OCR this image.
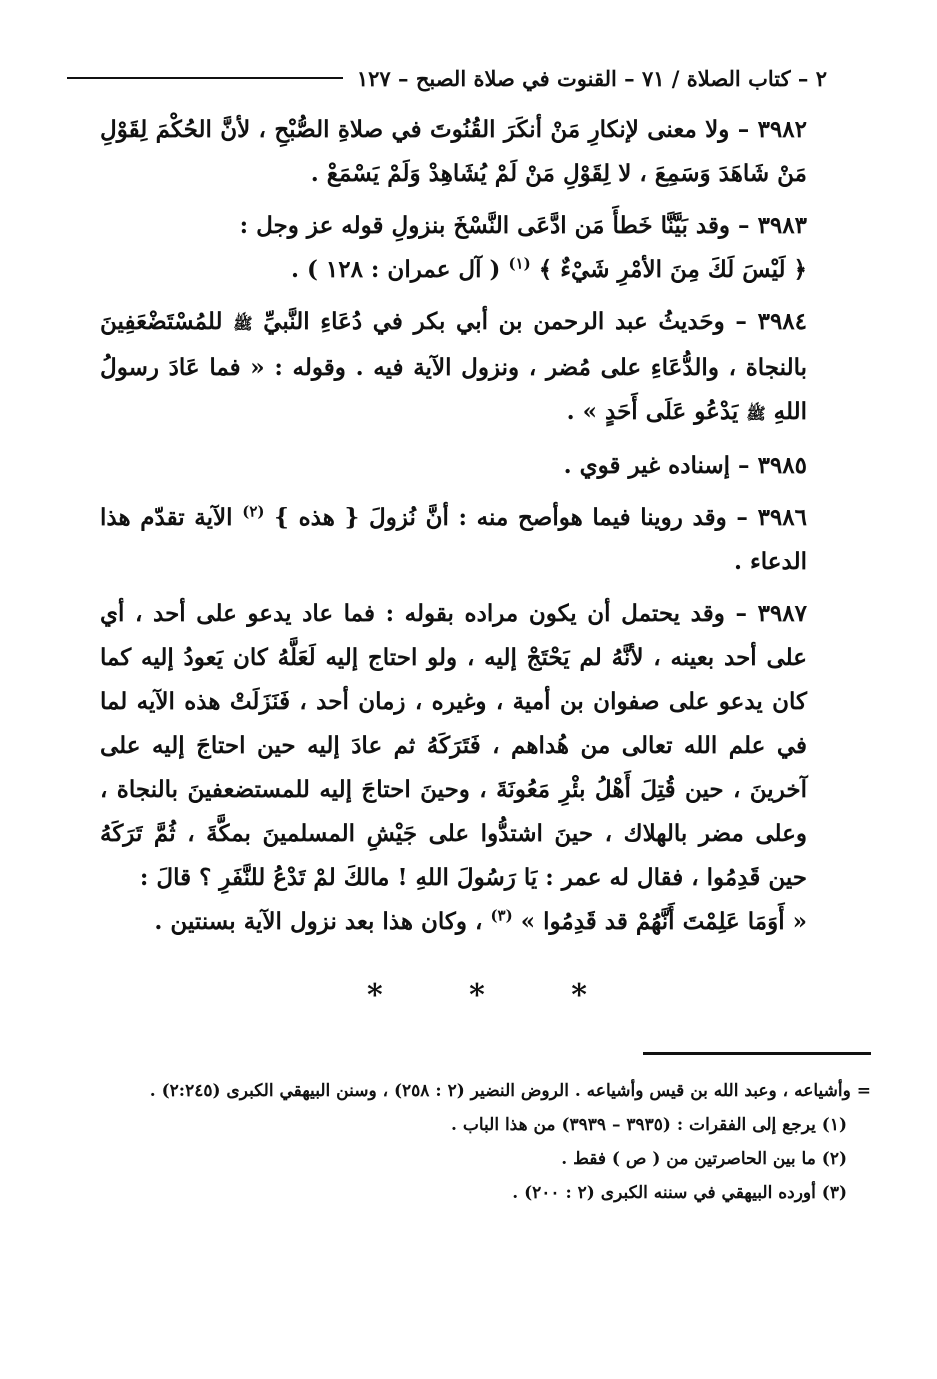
٢ – كتاب الصلاة / ٧١ – القنوت في صلاة الصبح – ١٢٧

٣٩٨٢ – ولا معنى لإنكارِ مَنْ أنكَرَ القُنُوتَ في صلاةِ الصُّبْحِ ، لأنَّ الحُكْمَ لِقَوْلِ مَنْ شَاهَدَ وَسَمِعَ ، لا لِقَوْلِ مَنْ لَمْ يُشَاهِدْ وَلَمْ يَسْمَعْ .

٣٩٨٣ – وقد بَيَّنَّا خَطأَ مَن ادَّعَى النَّسْخَ بنزولِ قوله عز وجل :
﴿ لَيْسَ لَكَ مِنَ الأمْرِ شَيْءٌ ﴾ $^{(١)}$ ( آل عمران : ١٢٨ ) .

٣٩٨٤ – وحَديثُ عبد الرحمن بن أبي بكر في دُعَاءِ النَّبيِّ ﷺ للمُسْتَضْعَفِينَ بالنجاة ، والدُّعَاءِ على مُضر ، ونزول الآية فيه . وقوله : « فما عَادَ رسولُ اللهِ ﷺ يَدْعُو عَلَى أَحَدٍ » .

٣٩٨٥ – إسناده غير قوي .

٣٩٨٦ – وقد روينا فيما هوأصح منه : أنَّ نُزولَ { هذه } $^{(٢)}$ الآية تقدّم هذا الدعاء .

٣٩٨٧ – وقد يحتمل أن يكون مراده بقوله : فما عاد يدعو على أحد ، أي على أحد بعينه ، لأنَّهُ لم يَحْتَجْ إليه ، ولو احتاج إليه لَعَلَّهُ كان يَعودُ إليه كما كان يدعو على صفوان بن أمية ، وغيره ، زمان أحد ، فَنَزَلَتْ هذه الآيه لما في علم الله تعالى من هُداهم ، فَتَرَكَهُ ثم عادَ إليه حين احتاجَ إليه على آخرينَ ، حين قُتِلَ أَهْلُ بئْرِ مَعُونَةَ ، وحينَ احتاجَ إليه للمستضعفينَ بالنجاة ، وعلى مضر بالهلاك ، حينَ اشتدُّوا على جَيْشِ المسلمينَ بمكَّةَ ، ثُمَّ تَرَكَهُ حين قَدِمُوا ، فقال له عمر : يَا رَسُولَ اللهِ ! مالكَ لمْ تَدْعُ للنَّفَرِ ؟ قالَ :
« أَوَمَا عَلِمْتَ أَنَّهُمْ قد قَدِمُوا » $^{(٣)}$ ، وكان هذا بعد نزول الآية بسنتين .

*	*	*

= وأشياعه ، وعبد الله بن قيس وأشياعه . الروض النضير (٢ : ٢٥٨) ، وسنن البيهقي الكبرى (٢:٢٤٥) .

(١) يرجع إلى الفقرات : (٣٩٣٥ – ٣٩٣٩) من هذا الباب .

(٢) ما بين الحاصرتين من ( ص ) فقط .

(٣) أورده البيهقي في سننه الكبرى (٢ : ٢٠٠) .
